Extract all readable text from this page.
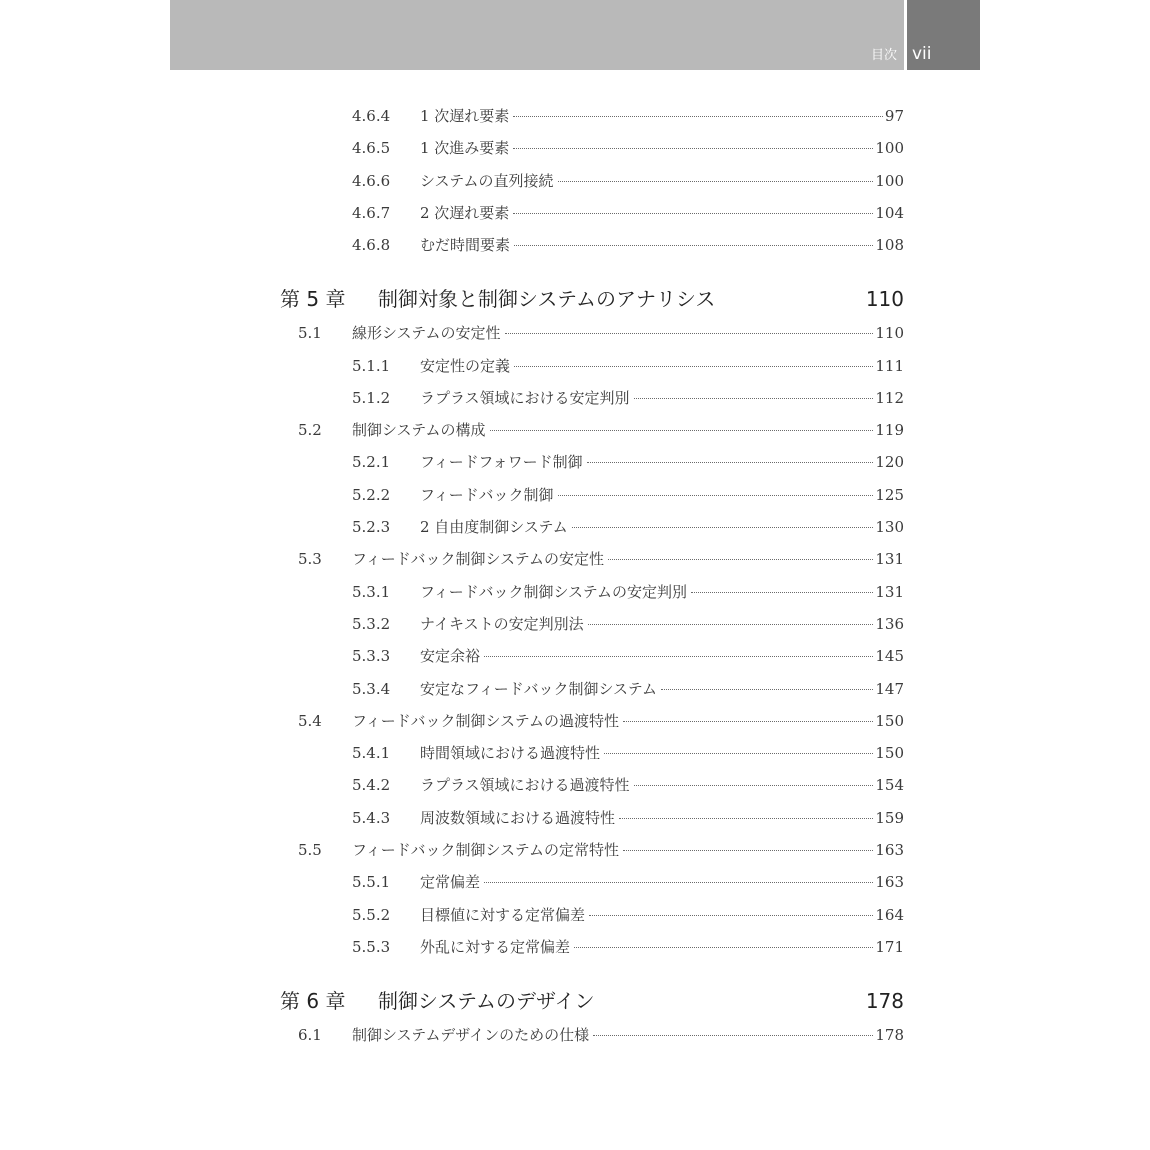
目次 vii
4.6.4	1 次遅れ要素	97
4.6.5	1 次進み要素	100
4.6.6	システムの直列接続	100
4.6.7	2 次遅れ要素	104
4.6.8	むだ時間要素	108
第 5 章	制御対象と制御システムのアナリシス	110
5.1	線形システムの安定性	110
5.1.1	安定性の定義	111
5.1.2	ラプラス領域における安定判別	112
5.2	制御システムの構成	119
5.2.1	フィードフォワード制御	120
5.2.2	フィードバック制御	125
5.2.3	2 自由度制御システム	130
5.3	フィードバック制御システムの安定性	131
5.3.1	フィードバック制御システムの安定判別	131
5.3.2	ナイキストの安定判別法	136
5.3.3	安定余裕	145
5.3.4	安定なフィードバック制御システム	147
5.4	フィードバック制御システムの過渡特性	150
5.4.1	時間領域における過渡特性	150
5.4.2	ラプラス領域における過渡特性	154
5.4.3	周波数領域における過渡特性	159
5.5	フィードバック制御システムの定常特性	163
5.5.1	定常偏差	163
5.5.2	目標値に対する定常偏差	164
5.5.3	外乱に対する定常偏差	171
第 6 章	制御システムのデザイン	178
6.1	制御システムデザインのための仕様	178
